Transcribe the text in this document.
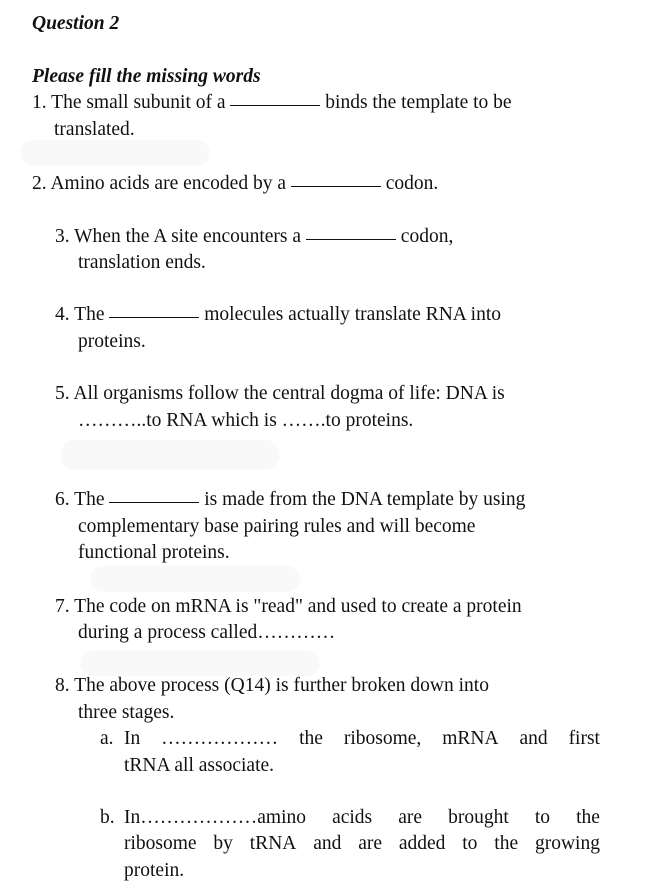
Question 2
Please fill the missing words
1. The small subunit of a	binds the template to be
translated.
2. Amino acids are encoded by a	codon.
3. When the A site encounters a	codon,
translation ends.
4. The	molecules actually translate RNA into
proteins.
5. All organisms follow the central dogma of life: DNA is
………..to RNA which is …….to proteins.
6. The	is made from the DNA template by using
complementary base pairing rules and will become
functional proteins.
7. The code on mRNA is "read" and used to create a protein
during a process called…………
8. The above process (Q14) is further broken down into
three stages.
a. In ……………… the ribosome, mRNA and first
tRNA all associate.
b. In………………amino acids are brought to the
ribosome by tRNA and are added to the growing
protein.
